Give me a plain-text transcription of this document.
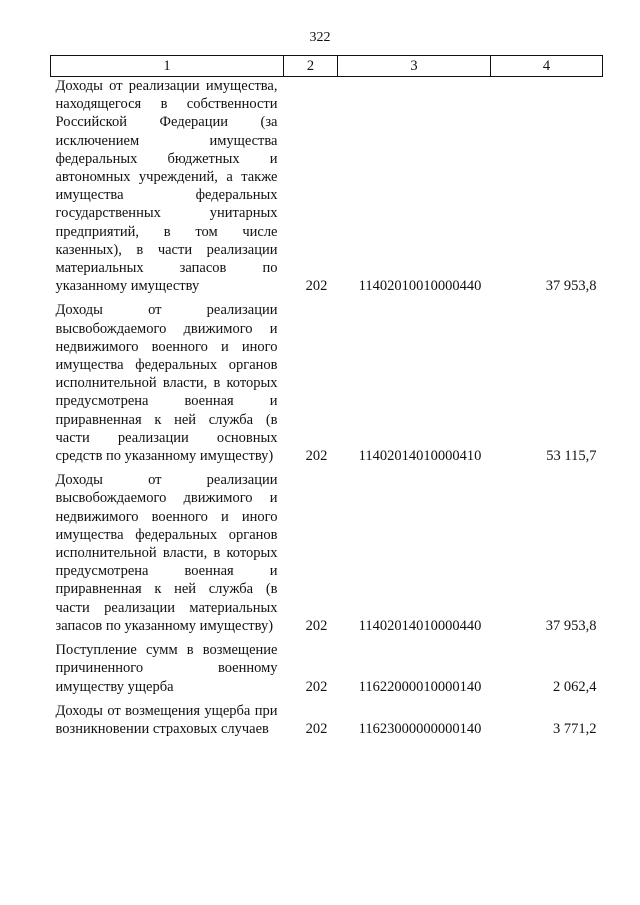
322
1	2	3	4
Доходы от реализации имущества, находящегося в собственности Российской Федерации (за исключением имущества федеральных бюджетных и автономных учреждений, а также имущества федеральных государственных унитарных предприятий, в том числе казенных), в части реализации материальных запасов по указанному имуществу	202	11402010010000440	37 953,8
Доходы от реализации высвобождаемого движимого и недвижимого военного и иного имущества федеральных органов исполнительной власти, в которых предусмотрена военная и приравненная к ней служба (в части реализации основных средств по указанному имуществу)	202	11402014010000410	53 115,7
Доходы от реализации высвобождаемого движимого и недвижимого военного и иного имущества федеральных органов исполнительной власти, в которых предусмотрена военная и приравненная к ней служба (в части реализации материальных запасов по указанному имуществу)	202	11402014010000440	37 953,8
Поступление сумм в возмещение причиненного военному имуществу ущерба	202	11622000010000140	2 062,4
Доходы от возмещения ущерба при возникновении страховых случаев	202	11623000000000140	3 771,2
